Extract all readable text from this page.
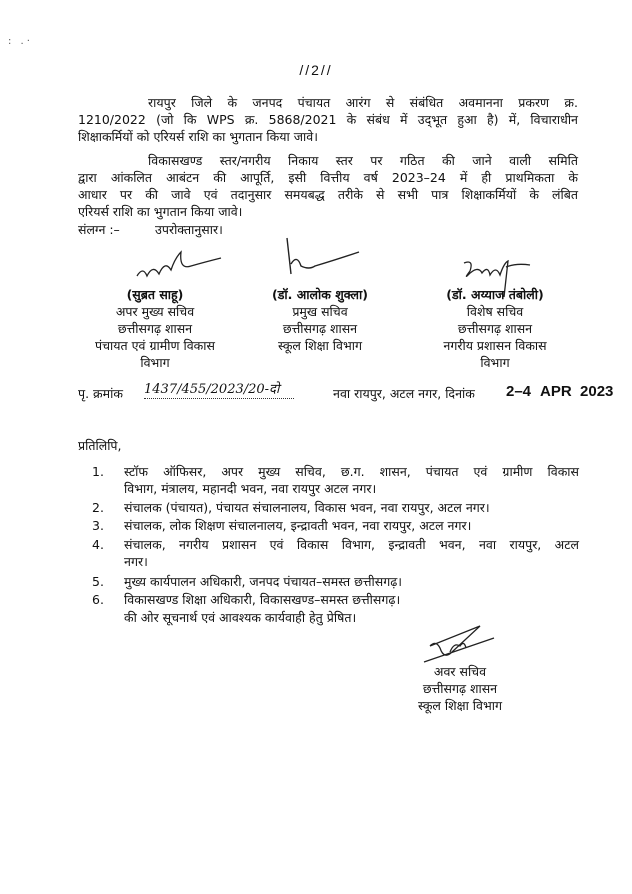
: .·
//2//
रायपुर जिले के जनपद पंचायत आरंग से संबंधित अवमानना प्रकरण क्र.
1210/2022 (जो कि WPS क्र. 5868/2021 के संबंध में उद्‌भूत हुआ है) में, विचाराधीन
शिक्षाकर्मियों को एरियर्स राशि का भुगतान किया जावे।
विकासखण्ड स्तर/नगरीय निकाय स्तर पर गठित की जाने वाली समिति
द्वारा आंकलित आबंटन की आपूर्ति, इसी वित्तीय वर्ष 2023–24 में ही प्राथमिकता के
आधार पर की जावे एवं तदानुसार समयबद्ध तरीके से सभी पात्र शिक्षाकर्मियों के लंबित
एरियर्स राशि का भुगतान किया जावे।
संलग्न :–	उपरोक्तानुसार।
(सुब्रत साहू)
अपर मुख्य सचिव
छत्तीसगढ़ शासन
पंचायत एवं ग्रामीण विकास
विभाग
(डॉ. आलोक शुक्ला)
प्रमुख सचिव
छत्तीसगढ़ शासन
स्कूल शिक्षा विभाग
(डॉ. अय्याज तंबोली)
विशेष सचिव
छत्तीसगढ़ शासन
नगरीय प्रशासन विकास
विभाग
पृ. क्रमांक 1437/455/2023/20-दो	नवा रायपुर, अटल नगर, दिनांक 2–4 APR  2023
प्रतिलिपि,
1.	स्टॉफ ऑफिसर, अपर मुख्य सचिव, छ.ग. शासन, पंचायत एवं ग्रामीण विकास
विभाग, मंत्रालय, महानदी भवन, नवा रायपुर अटल नगर।
2.	संचालक (पंचायत), पंचायत संचालनालय, विकास भवन, नवा रायपुर, अटल नगर।
3.	संचालक, लोक शिक्षण संचालनालय, इन्द्रावती भवन, नवा रायपुर, अटल नगर।
4.	संचालक, नगरीय प्रशासन एवं विकास विभाग, इन्द्रावती भवन, नवा रायपुर, अटल
नगर।
5.	मुख्य कार्यपालन अधिकारी, जनपद पंचायत–समस्त छत्तीसगढ़।
6.	विकासखण्ड शिक्षा अधिकारी, विकासखण्ड–समस्त छत्तीसगढ़।
की ओर सूचनार्थ एवं आवश्यक कार्यवाही हेतु प्रेषित।
अवर सचिव
छत्तीसगढ़ शासन
स्कूल शिक्षा विभाग
